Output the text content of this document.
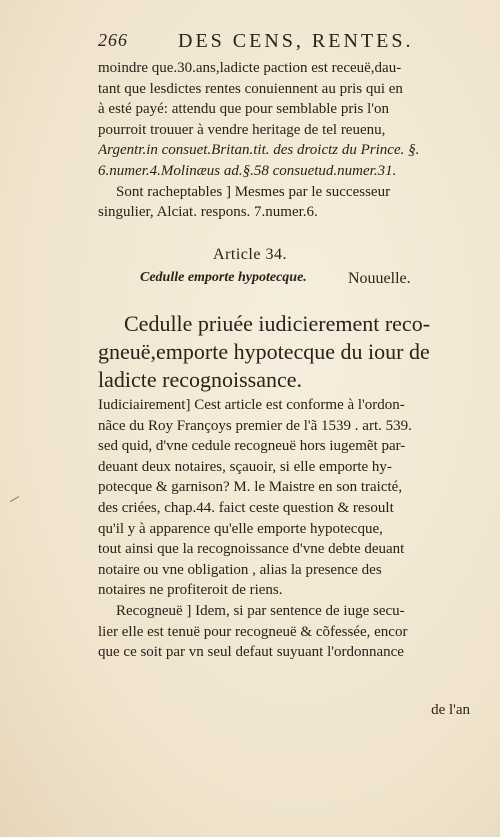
266	DES CENS, RENTES.
moindre que.30.ans,ladicte paction est receuë,dau-
tant que lesdictes rentes conuiennent au pris qui en
à esté payé: attendu que pour semblable pris l'on
pourroit trouuer à vendre heritage de tel reuenu,
Argentr.in consuet.Britan.tit. des droictz du Prince. §.
6.numer.4.Molinæus ad.§.58 consuetud.numer.31.
Sont racheptables ] Mesmes par le successeur
singulier, Alciat. respons. 7.numer.6.
Article 34.
Cedulle emporte hypotecque.	Nouuelle.
Cedulle priuée iudicierement reco-
gneuë,emporte hypotecque du iour de
ladicte recognoissance.
Iudiciairement] Cest article est conforme à l'ordon-
nãce du Roy Françoys premier de l'ã 1539 . art. 539.
sed quid, d'vne cedule recogneuë hors iugemẽt par-
deuant deux notaires, sçauoir, si elle emporte hy-
potecque & garnison? M. le Maistre en son traicté,
des criées, chap.44. faict ceste question & resoult
qu'il y à apparence qu'elle emporte hypotecque,
tout ainsi que la recognoissance d'vne debte deuant
notaire ou vne obligation , alias la presence des
notaires ne profiteroit de riens.
Recogneuë ] Idem, si par sentence de iuge secu-
lier elle est tenuë pour recogneuë & cõfessée, encor
que ce soit par vn seul defaut suyuant l'ordonnance
de l'an
